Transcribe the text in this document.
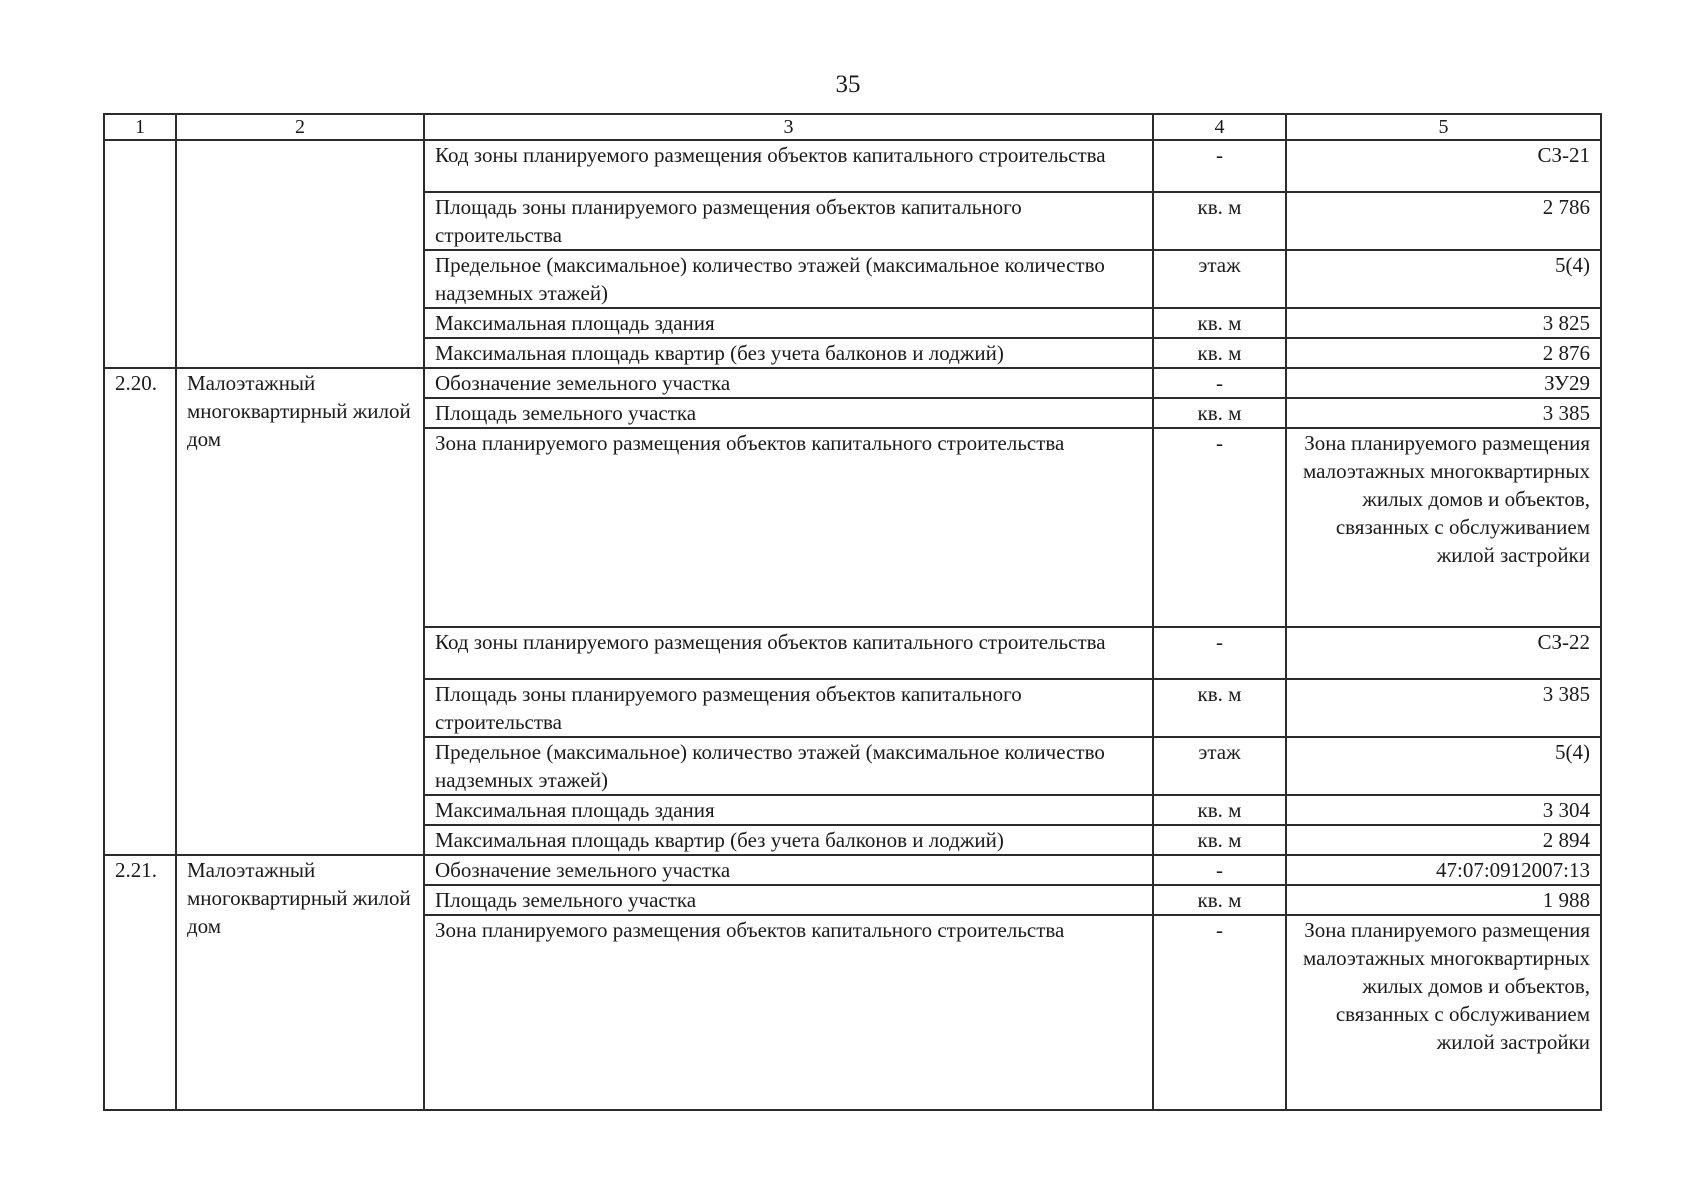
35
1	2	3	4	5
		Код зоны планируемого размещения объектов капитального строительства	-	СЗ-21
		Площадь зоны планируемого размещения объектов капитального строительства	кв. м	2 786
		Предельное (максимальное) количество этажей (максимальное количество надземных этажей)	этаж	5(4)
		Максимальная площадь здания	кв. м	3 825
		Максимальная площадь квартир (без учета балконов и лоджий)	кв. м	2 876
2.20.	Малоэтажный многоквартирный жилой дом	Обозначение земельного участка	-	ЗУ29
		Площадь земельного участка	кв. м	3 385
		Зона планируемого размещения объектов капитального строительства	-	Зона планируемого размещения малоэтажных многоквартирных жилых домов и объектов, связанных с обслуживанием жилой застройки
		Код зоны планируемого размещения объектов капитального строительства	-	СЗ-22
		Площадь зоны планируемого размещения объектов капитального строительства	кв. м	3 385
		Предельное (максимальное) количество этажей (максимальное количество надземных этажей)	этаж	5(4)
		Максимальная площадь здания	кв. м	3 304
		Максимальная площадь квартир (без учета балконов и лоджий)	кв. м	2 894
2.21.	Малоэтажный многоквартирный жилой дом	Обозначение земельного участка	-	47:07:0912007:13
		Площадь земельного участка	кв. м	1 988
		Зона планируемого размещения объектов капитального строительства	-	Зона планируемого размещения малоэтажных многоквартирных жилых домов и объектов, связанных с обслуживанием жилой застройки
